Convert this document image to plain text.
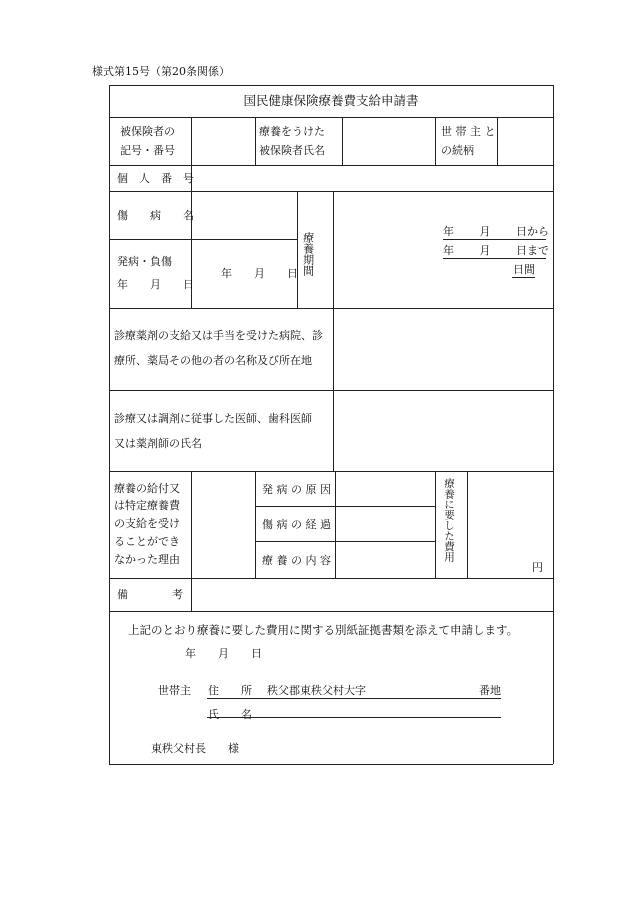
様式第15号（第20条関係）
国民健康保険療養費支給申請書
被保険者の
記号・番号
療養をうけた
被保険者氏名
世 帯 主 と
の続柄
個　人　番　号
傷　　病　　名
発病・負傷
年　　月　　日
年　　月　　日 療養期間
年　　 月　　 日から
年　　 月　　 日まで
日間
診療薬剤の支給又は手当を受けた病院、診
療所、薬局その他の者の名称及び所在地
診療又は調剤に従事した医師、歯科医師
又は薬剤師の氏名
療養の給付又
は特定療養費
の支給を受け
ることができ
なかった理由
発 病 の 原 因
傷 病 の 経 過
療 養 の 内 容	療養に要した費用
円
備　　　　考
上記のとおり療養に要した費用に関する別紙証拠書類を添えて申請します。
年　　月　　日
世帯主 住　　所 秩父郡東秩父村大字	番地
氏　　名
東秩父村長　　様
